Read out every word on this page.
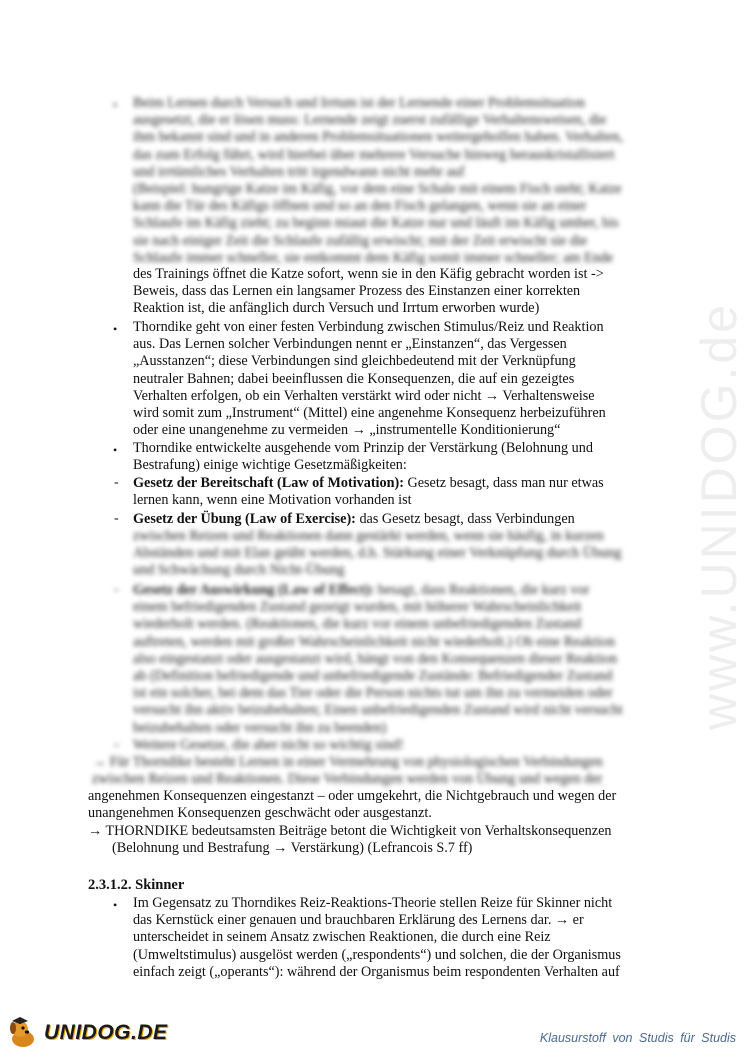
www.UNIDOG.de
• Beim Lernen durch Versuch und Irrtum ist der Lernende einer Problemsituation
ausgesetzt, die er lösen muss: Lernende zeigt zuerst zufällige Verhaltensweisen, die
ihm bekannt sind und in anderen Problemsituationen weitergeholfen haben. Verhalten,
das zum Erfolg führt, wird hierbei über mehrere Versuche hinweg herauskristallisiert
und irrtümliches Verhalten tritt irgendwann nicht mehr auf
(Beispiel: hungrige Katze im Käfig, vor dem eine Schale mit einem Fisch steht; Katze
kann die Tür des Käfigs öffnen und so an den Fisch gelangen, wenn sie an einer
Schlaufe im Käfig zieht; zu beginn miaut die Katze nur und läuft im Käfig umher, bis
sie nach einiger Zeit die Schlaufe zufällig erwischt; mit der Zeit erwischt sie die
Schlaufe immer schneller, sie entkommt dem Käfig somit immer schneller; am Ende
des Trainings öffnet die Katze sofort, wenn sie in den Käfig gebracht worden ist ->
Beweis, dass das Lernen ein langsamer Prozess des Einstanzen einer korrekten
Reaktion ist, die anfänglich durch Versuch und Irrtum erworben wurde)
• Thorndike geht von einer festen Verbindung zwischen Stimulus/Reiz und Reaktion
aus. Das Lernen solcher Verbindungen nennt er „Einstanzen“, das Vergessen
„Ausstanzen“; diese Verbindungen sind gleichbedeutend mit der Verknüpfung
neutraler Bahnen; dabei beeinflussen die Konsequenzen, die auf ein gezeigtes
Verhalten erfolgen, ob ein Verhalten verstärkt wird oder nicht → Verhaltensweise
wird somit zum „Instrument“ (Mittel) eine angenehme Konsequenz herbeizuführen
oder eine unangenehme zu vermeiden → „instrumentelle Konditionierung“
• Thorndike entwickelte ausgehende vom Prinzip der Verstärkung (Belohnung und
Bestrafung) einige wichtige Gesetzmäßigkeiten:
- Gesetz der Bereitschaft (Law of Motivation): Gesetz besagt, dass man nur etwas
lernen kann, wenn eine Motivation vorhanden ist
- Gesetz der Übung (Law of Exercise): das Gesetz besagt, dass Verbindungen
zwischen Reizen und Reaktionen dann gestärkt werden, wenn sie häufig, in kurzen
Abständen und mit Elan geübt werden, d.h. Stärkung einer Verknüpfung durch Übung
und Schwächung durch Nicht-Übung
- Gesetz der Auswirkung (Law of Effect): besagt, dass Reaktionen, die kurz vor
einem befriedigenden Zustand gezeigt wurden, mit höherer Wahrscheinlichkeit
wiederholt werden. (Reaktionen, die kurz vor einem unbefriedigenden Zustand
auftreten, werden mit großer Wahrscheinlichkeit nicht wiederholt.) Ob eine Reaktion
also eingestanzt oder ausgestanzt wird, hängt von den Konsequenzen dieser Reaktion
ab (Definition befriedigende und unbefriedigende Zustände: Befriedigender Zustand
ist ein solcher, bei dem das Tier oder die Person nichts tut um ihn zu vermeiden oder
versucht ihn aktiv beizubehalten; Einen unbefriedigenden Zustand wird nicht versucht
beizubehalten oder versucht ihn zu beenden)
- Weitere Gesetze, die aber nicht so wichtig sind!
→ Für Thorndike besteht Lernen in einer Vermehrung von physiologischen Verbindungen
zwischen Reizen und Reaktionen. Diese Verbindungen werden von Übung und wegen der
angenehmen Konsequenzen eingestanzt – oder umgekehrt, die Nichtgebrauch und wegen der
unangenehmen Konsequenzen geschwächt oder ausgestanzt.
→ THORNDIKE bedeutsamsten Beiträge betont die Wichtigkeit von Verhaltskonsequenzen
(Belohnung und Bestrafung → Verstärkung) (Lefrancois S.7 ff)
2.3.1.2. Skinner
• Im Gegensatz zu Thorndikes Reiz-Reaktions-Theorie stellen Reize für Skinner nicht
das Kernstück einer genauen und brauchbaren Erklärung des Lernens dar. → er
unterscheidet in seinem Ansatz zwischen Reaktionen, die durch eine Reiz
(Umweltstimulus) ausgelöst werden („respondents“) und solchen, die der Organismus
einfach zeigt („operants“): während der Organismus beim respondenten Verhalten auf
UNIDOG.DE	Klausurstoff von Studis für Studis
